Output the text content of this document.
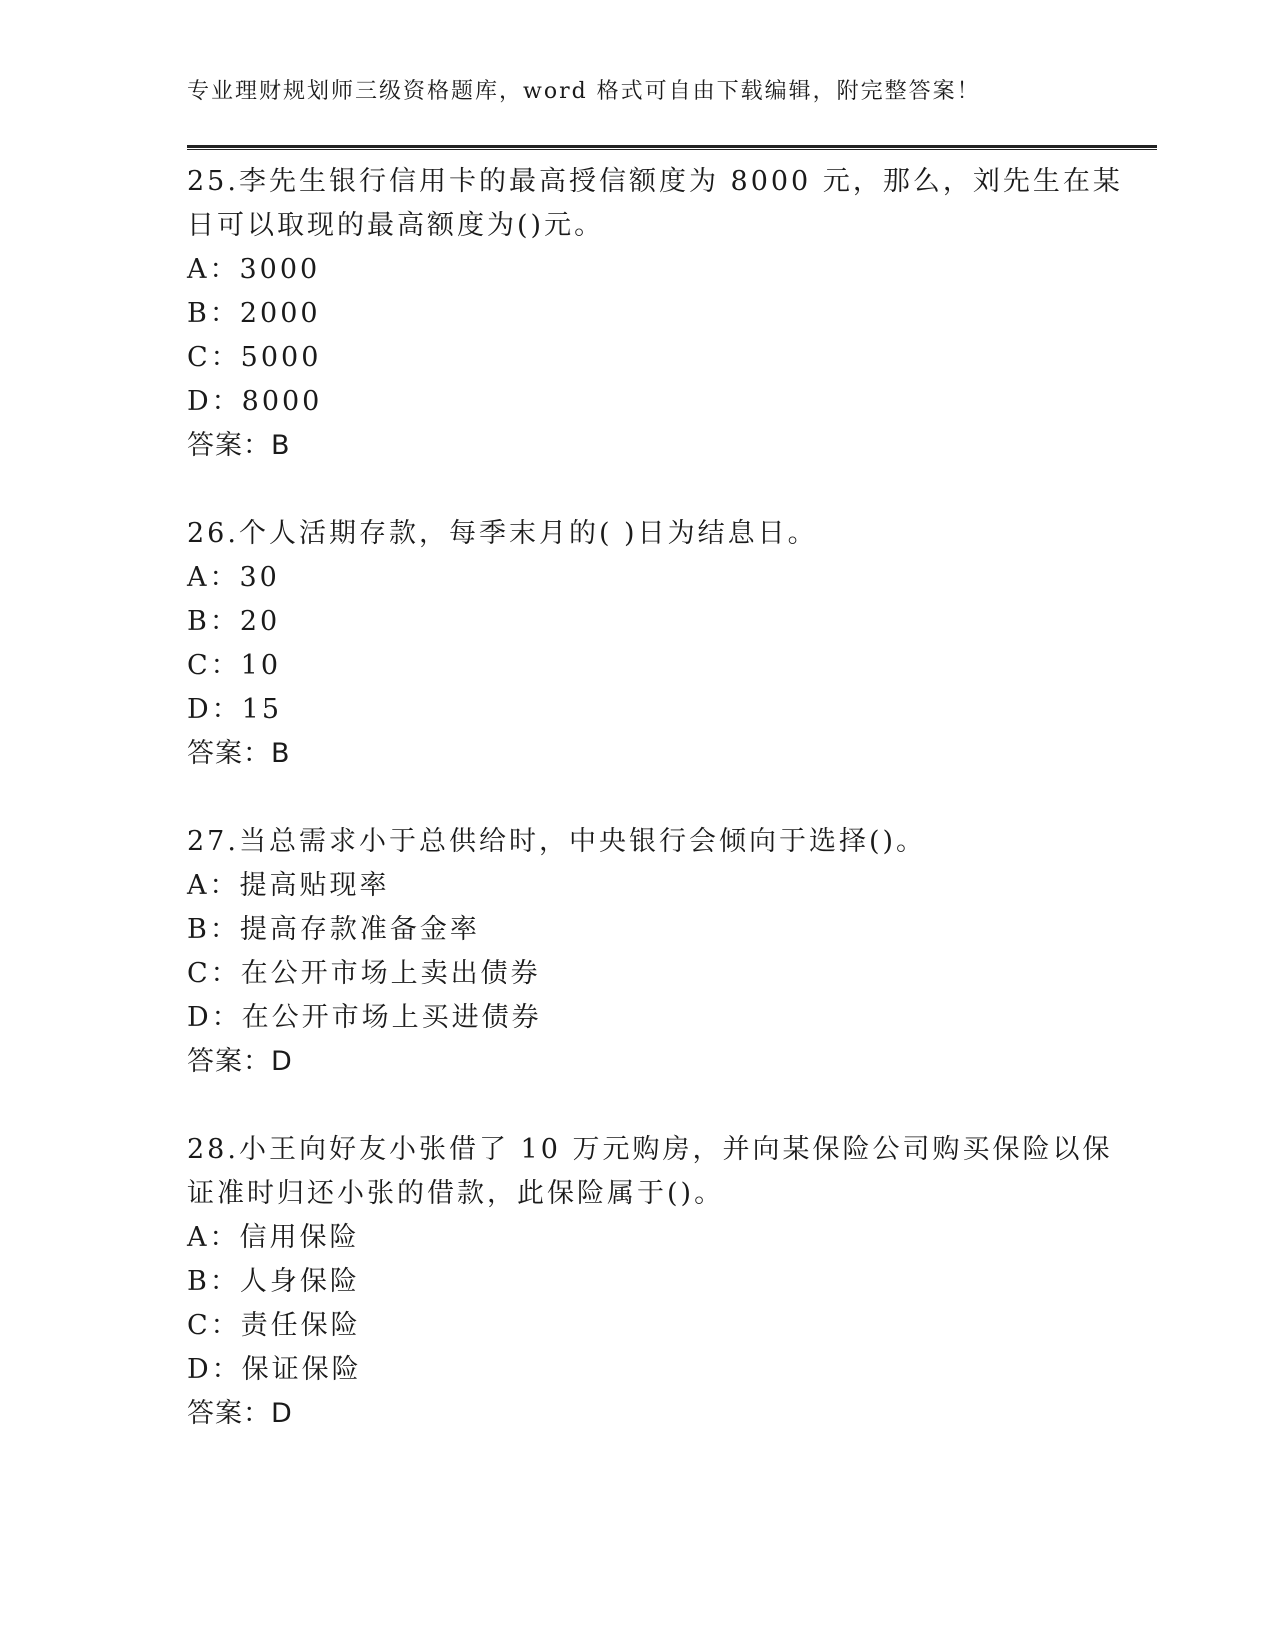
专业理财规划师三级资格题库，word 格式可自由下载编辑，附完整答案！
25.李先生银行信用卡的最高授信额度为 8000 元，那么，刘先生在某
日可以取现的最高额度为()元。
A：3000
B：2000
C：5000
D：8000
答案：B
26.个人活期存款，每季末月的( )日为结息日。
A：30
B：20
C：10
D：15
答案：B
27.当总需求小于总供给时，中央银行会倾向于选择()。
A：提高贴现率
B：提高存款准备金率
C：在公开市场上卖出债券
D：在公开市场上买进债券
答案：D
28.小王向好友小张借了 10 万元购房，并向某保险公司购买保险以保
证准时归还小张的借款，此保险属于()。
A：信用保险
B：人身保险
C：责任保险
D：保证保险
答案：D
